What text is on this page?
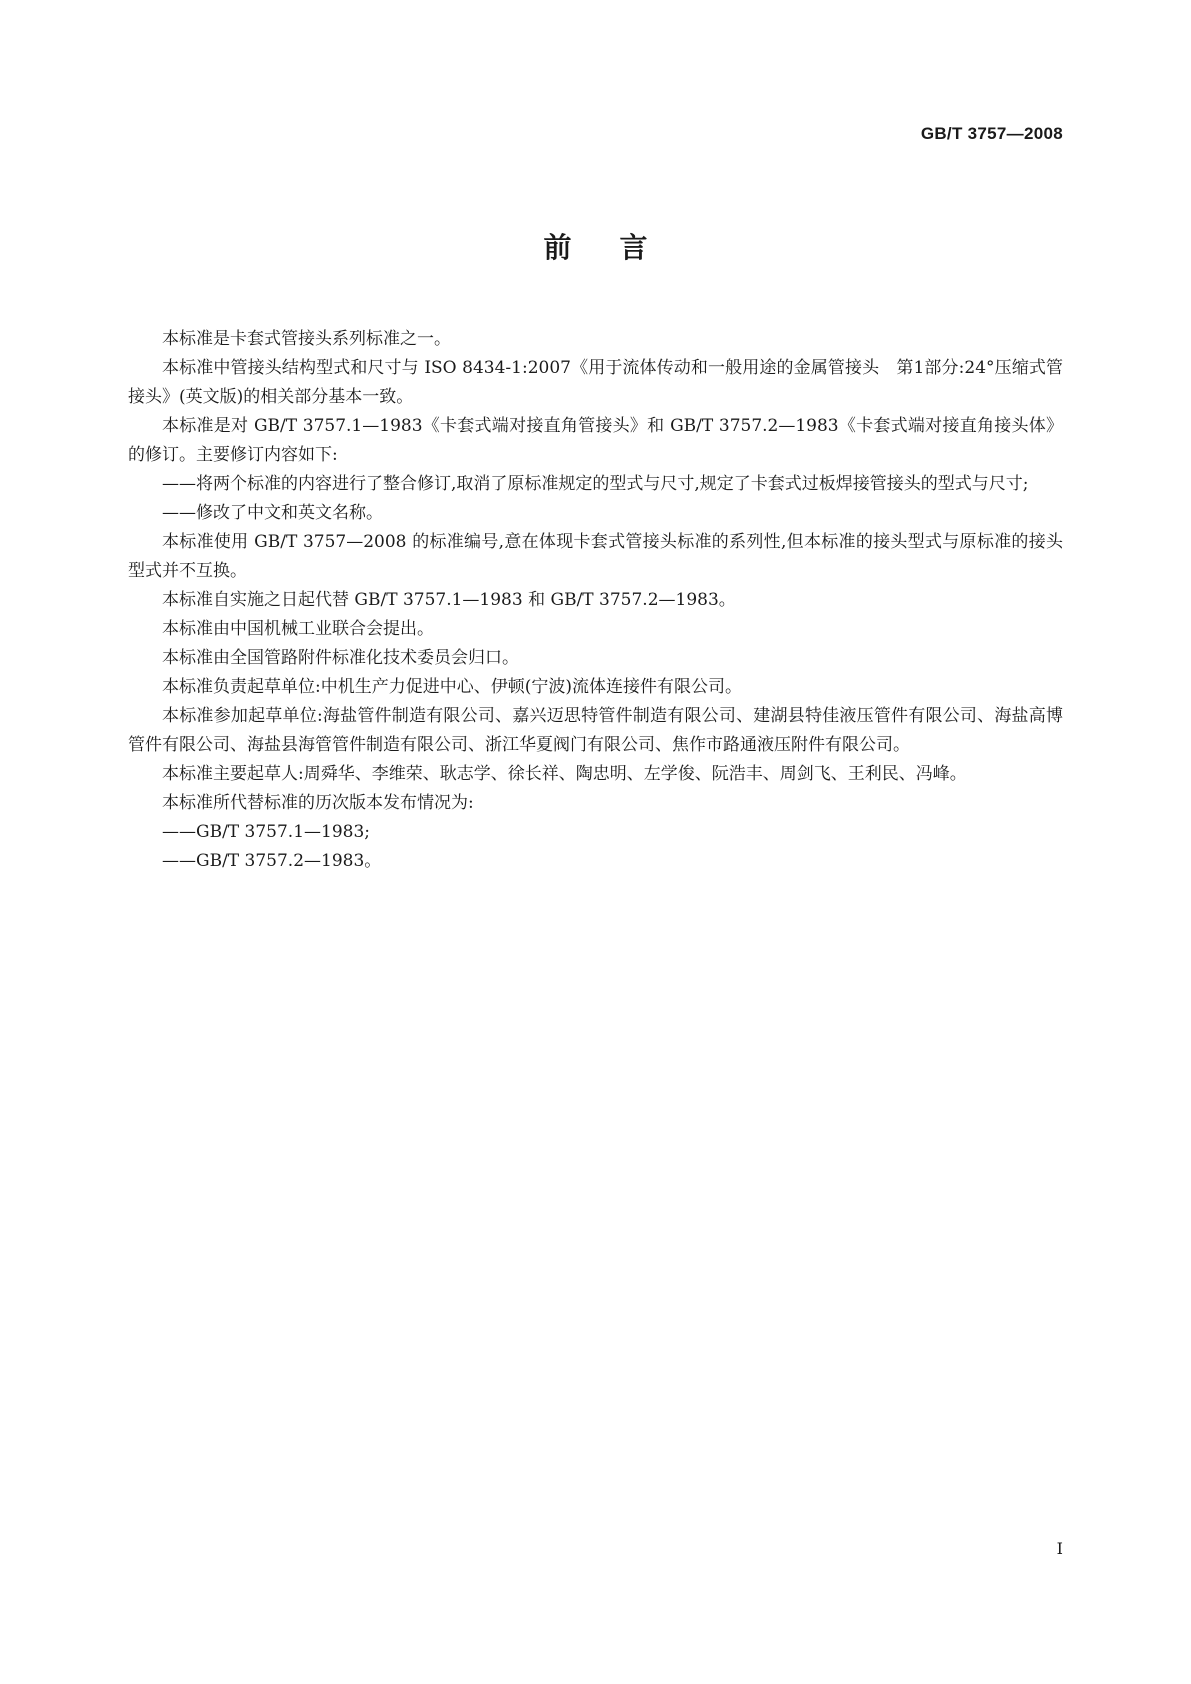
GB/T 3757—2008
前言

本标准是卡套式管接头系列标准之一。

本标准中管接头结构型式和尺寸与 ISO 8434-1:2007《用于流体传动和一般用途的金属管接头　第1部分:24°压缩式管接头》(英文版)的相关部分基本一致。

本标准是对 GB/T 3757.1—1983《卡套式端对接直角管接头》和 GB/T 3757.2—1983《卡套式端对接直角接头体》的修订。主要修订内容如下:

——将两个标准的内容进行了整合修订,取消了原标准规定的型式与尺寸,规定了卡套式过板焊接管接头的型式与尺寸;

——修改了中文和英文名称。

本标准使用 GB/T 3757—2008 的标准编号,意在体现卡套式管接头标准的系列性,但本标准的接头型式与原标准的接头型式并不互换。

本标准自实施之日起代替 GB/T 3757.1—1983 和 GB/T 3757.2—1983。

本标准由中国机械工业联合会提出。

本标准由全国管路附件标准化技术委员会归口。

本标准负责起草单位:中机生产力促进中心、伊顿(宁波)流体连接件有限公司。

本标准参加起草单位:海盐管件制造有限公司、嘉兴迈思特管件制造有限公司、建湖县特佳液压管件有限公司、海盐高博管件有限公司、海盐县海管管件制造有限公司、浙江华夏阀门有限公司、焦作市路通液压附件有限公司。

本标准主要起草人:周舜华、李维荣、耿志学、徐长祥、陶忠明、左学俊、阮浩丰、周剑飞、王利民、冯峰。

本标准所代替标准的历次版本发布情况为:

——GB/T 3757.1—1983;

——GB/T 3757.2—1983。

I
